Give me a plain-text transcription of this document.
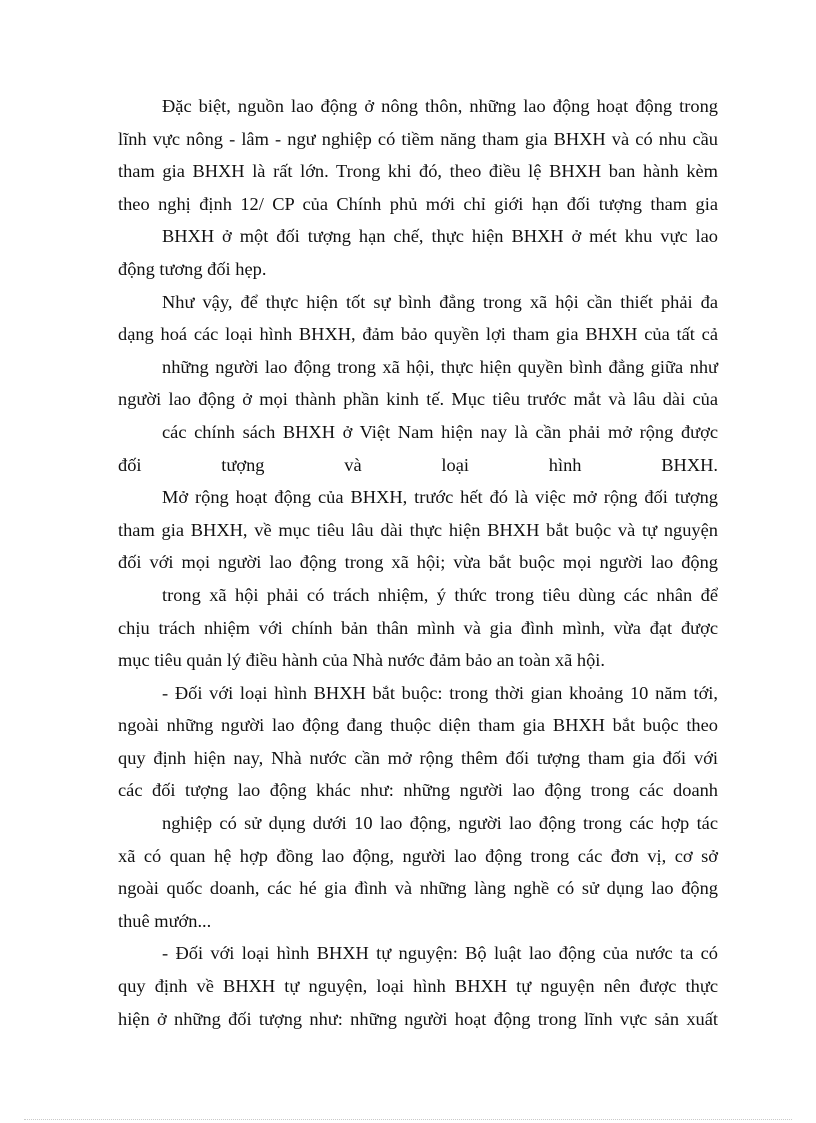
Đặc biệt, nguồn lao động ở nông thôn, những lao động hoạt động trong
lĩnh vực nông - lâm - ngư nghiệp có tiềm năng tham gia BHXH và có nhu cầu
tham gia BHXH là rất lớn. Trong khi đó, theo điều lệ BHXH ban hành kèm
theo nghị định 12/ CP của Chính phủ mới chỉ giới hạn đối tượng tham gia
BHXH ở một đối tượng hạn chế, thực hiện BHXH ở mét khu vực lao
động tương đối hẹp.
Như vậy, để thực hiện tốt sự bình đẳng trong xã hội cần thiết phải đa
dạng hoá các loại hình BHXH, đảm bảo quyền lợi tham gia BHXH của tất cả
những người lao động trong xã hội, thực hiện quyền bình đẳng giữa như
người lao động ở mọi thành phần kinh tế. Mục tiêu trước mắt và lâu dài của
các chính sách BHXH ở Việt Nam hiện nay là cần phải mở rộng được
đối tượng và loại hình BHXH.
Mở rộng hoạt động của BHXH, trước hết đó là việc mở rộng đối tượng
tham gia BHXH, về mục tiêu lâu dài thực hiện BHXH bắt buộc và tự nguyện
đối với mọi người lao động trong xã hội; vừa bắt buộc mọi người lao động
trong xã hội phải có trách nhiệm, ý thức trong tiêu dùng các nhân để
chịu trách nhiệm với chính bản thân mình và gia đình mình, vừa đạt được
mục tiêu quản lý điều hành của Nhà nước đảm bảo an toàn xã hội.
- Đối với loại hình BHXH bắt buộc: trong thời gian khoảng 10 năm tới,
ngoài những người lao động đang thuộc diện tham gia BHXH bắt buộc theo
quy định hiện nay, Nhà nước cần mở rộng thêm đối tượng tham gia đối với
các đối tượng lao động khác như: những người lao động trong các doanh
nghiệp có sử dụng dưới 10 lao động, người lao động trong các hợp tác
xã có quan hệ hợp đồng lao động, người lao động trong các đơn vị, cơ sở
ngoài quốc doanh, các hé gia đình và những làng nghề có sử dụng lao động
thuê mướn...
- Đối với loại hình BHXH tự nguyện: Bộ luật lao động của nước ta có
quy định về BHXH tự nguyện, loại hình BHXH tự nguyện nên được thực
hiện ở những đối tượng như: những người hoạt động trong lĩnh vực sản xuất
